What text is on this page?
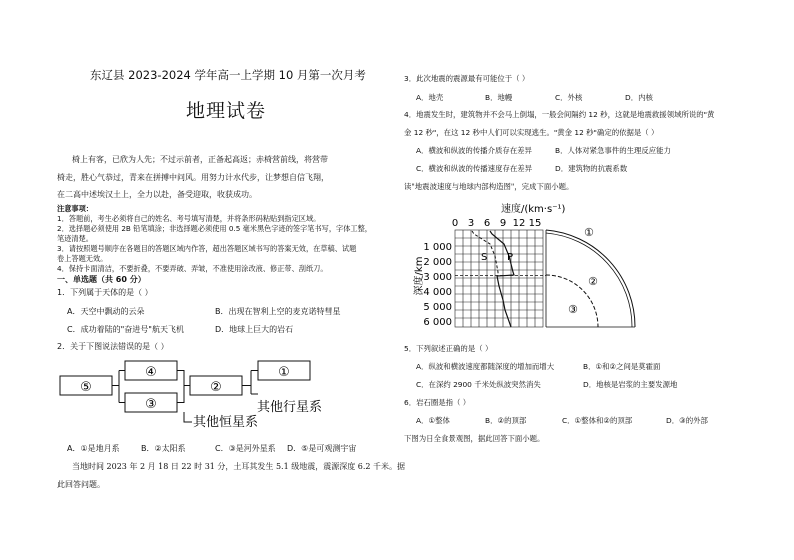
东辽县 2023-2024 学年高一上学期 10 月第一次月考
地理试卷
椅上有客，已欣为人先；不过示前者，正备起高返；赤椅营前线，将营带
椅走，胜心气恭过，青来在拼搏中问风。用努力计水代步，让梦想自信飞翔，
在二高中述埃汉土上，全力以赴，备受迎取，收获成功。
注意事项：
1．答题前，考生必须将自己的姓名、考号填写清楚，并将条形码粘贴到指定区域。
2．选择题必须使用 2B 铅笔填涂；非选择题必须使用 0.5 毫米黑色字迹的签字笔书写，字体工整，
笔迹清楚。
3．请按照题号顺序在各题目的答题区域内作答，超出答题区域书写的答案无效，在草稿、试题
卷上答题无效。
4．保持卡面清洁，不要折叠，不要弄破、弄皱，不准使用涂改液、修正带、刮纸刀。
一、单选题（共 60 分）
1．下列属于天体的是（ ）
A．天空中飘动的云朵	B．出现在智利上空的麦克诺特彗星
C．成功着陆的"奋进号"航天飞机	D．地球上巨大的岩石
2．关于下图说法错误的是（ ）
⑤
④
③
②
①
其他行星系
其他恒星系
A．①是地月系	B．②太阳系	C．③是河外星系 D．⑤是可观测宇宙
当地时间 2023 年 2 月 18 日 22 时 31 分，土耳其发生 5.1 级地震，震源深度 6.2 千米。据
此回答问题。
3．此次地震的震源最有可能位于（ ）
A．地壳	B．地幔	C．外核	D．内核
4．地震发生时，建筑物并不会马上倒塌，一般会间隔约 12 秒，这就是地震救援领域所说的"黄
金 12 秒"，在这 12 秒中人们可以实现逃生。"黄金 12 秒"确定的依据是（ ）
A．横波和纵波的传播介质存在差异	B．人体对紧急事件的生理反应能力
C．横波和纵波的传播速度存在差异	D．建筑物的抗震系数
读"地震波速度与地球内部构造图"，完成下面小题。
速度/(km·s⁻¹)
0 3 6 9 12 15
1 000
2 000
3 000
4 000
5 000
6 000
深度/km	S P
①
②
③
5．下列叙述正确的是（ ）
A．纵波和横波速度都随深度的增加而增大	B．①和②之间是莫霍面
C．在深约 2900 千米处纵波突然消失	D．地核是岩浆的主要发源地
6．岩石圈是指（ ）
A．①整体	B．②的顶部	C．①整体和②的顶部	D．③的外部
下图为日全食景观图，据此回答下面小题。
